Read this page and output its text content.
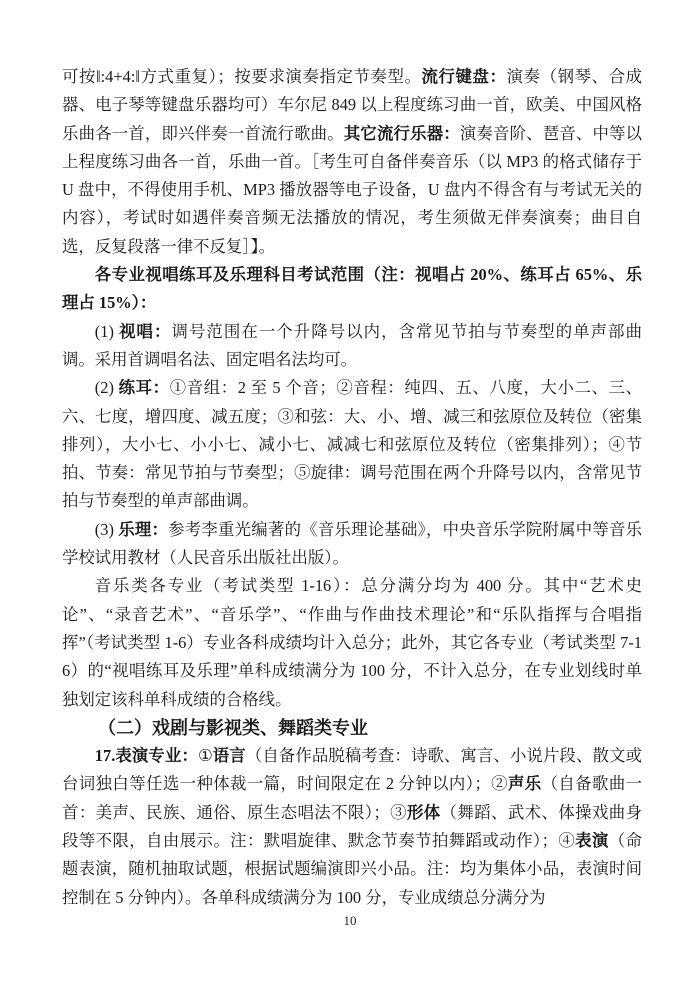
可按‖:4+4:‖方式重复）；按要求演奏指定节奏型。流行键盘：演奏（钢琴、合成器、电子琴等键盘乐器均可）车尔尼 849 以上程度练习曲一首，欧美、中国风格乐曲各一首，即兴伴奏一首流行歌曲。其它流行乐器：演奏音阶、琶音、中等以上程度练习曲各一首，乐曲一首。［考生可自备伴奏音乐（以 MP3 的格式储存于 U 盘中，不得使用手机、MP3 播放器等电子设备，U 盘内不得含有与考试无关的内容），考试时如遇伴奏音频无法播放的情况，考生须做无伴奏演奏；曲目自选，反复段落一律不反复］】。

各专业视唱练耳及乐理科目考试范围（注：视唱占 20%、练耳占 65%、乐理占 15%）：

(1) 视唱：调号范围在一个升降号以内，含常见节拍与节奏型的单声部曲调。采用首调唱名法、固定唱名法均可。

(2) 练耳：①音组：2 至 5 个音；②音程：纯四、五、八度，大小二、三、六、七度，增四度、减五度；③和弦：大、小、增、减三和弦原位及转位（密集排列），大小七、小小七、减小七、减减七和弦原位及转位（密集排列）；④节拍、节奏：常见节拍与节奏型；⑤旋律：调号范围在两个升降号以内，含常见节拍与节奏型的单声部曲调。

(3) 乐理：参考李重光编著的《音乐理论基础》，中央音乐学院附属中等音乐学校试用教材（人民音乐出版社出版）。

音乐类各专业（考试类型 1-16）：总分满分均为 400 分。其中“艺术史论”、“录音艺术”、“音乐学”、“作曲与作曲技术理论”和“乐队指挥与合唱指挥”（考试类型 1-6）专业各科成绩均计入总分；此外，其它各专业（考试类型 7-16）的“视唱练耳及乐理”单科成绩满分为 100 分，不计入总分，在专业划线时单独划定该科单科成绩的合格线。

（二）戏剧与影视类、舞蹈类专业

17.表演专业：①语言（自备作品脱稿考查：诗歌、寓言、小说片段、散文或台词独白等任选一种体裁一篇，时间限定在 2 分钟以内）；②声乐（自备歌曲一首：美声、民族、通俗、原生态唱法不限）；③形体（舞蹈、武术、体操戏曲身段等不限，自由展示。注：默唱旋律、默念节奏节拍舞蹈或动作）；④表演（命题表演，随机抽取试题，根据试题编演即兴小品。注：均为集体小品，表演时间控制在 5 分钟内）。各单科成绩满分为 100 分，专业成绩总分满分为

10
